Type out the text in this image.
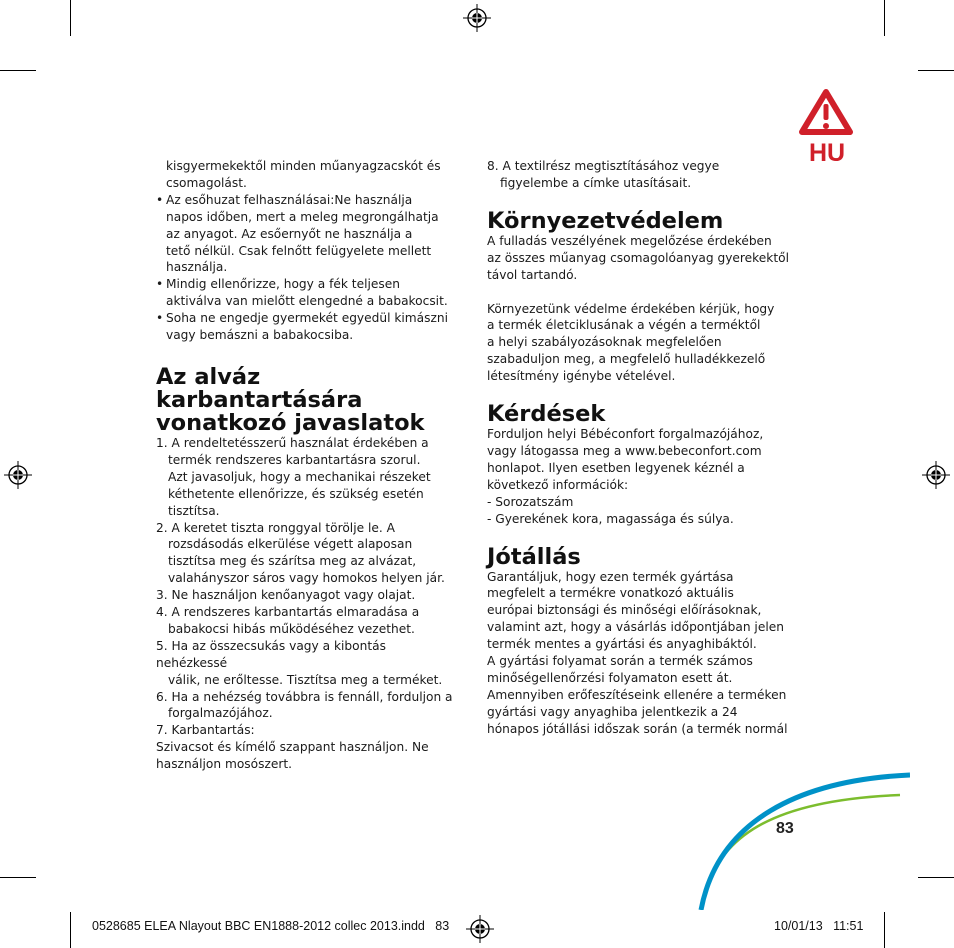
HU

kisgyermekektől minden műanyagzacskót és

csomagolást.

• Az esőhuzat felhasználásai:Ne használja

napos időben, mert a meleg megrongálhatja

az anyagot. Az esőernyőt ne használja a

tető nélkül. Csak felnőtt felügyelete mellett

használja.

• Mindig ellenőrizze, hogy a fék teljesen

aktiválva van mielőtt elengedné a babakocsit.

• Soha ne engedje gyermekét egyedül kimászni

vagy bemászni a babakocsiba.

Az alváz karbantartására
vonatkozó javaslatok

1. A rendeltetésszerű használat érdekében a

termék rendszeres karbantartásra szorul.

Azt javasoljuk, hogy a mechanikai részeket

kéthetente ellenőrizze, és szükség esetén

tisztítsa.

2. A keretet tiszta ronggyal törölje le. A

rozsdásodás elkerülése végett alaposan

tisztítsa meg és szárítsa meg az alvázat,

valahányszor sáros vagy homokos helyen jár.

3. Ne használjon kenőanyagot vagy olajat.

4. A rendszeres karbantartás elmaradása a

babakocsi hibás működéséhez vezethet.

5. Ha az összecsukás vagy a kibontás nehézkessé

válik, ne erőltesse. Tisztítsa meg a terméket.

6. Ha a nehézség továbbra is fennáll, forduljon a

forgalmazójához.

7. Karbantartás:

Szivacsot és kímélő szappant használjon. Ne

használjon mosószert.

8. A textilrész megtisztításához vegye

figyelembe a címke utasításait.

Környezetvédelem

A fulladás veszélyének megelőzése érdekében

az összes műanyag csomagolóanyag gyerekektől

távol tartandó.

Környezetünk védelme érdekében kérjük, hogy

a termék életciklusának a végén a terméktől

a helyi szabályozásoknak megfelelően

szabaduljon meg, a megfelelő hulladékkezelő

létesítmény igénybe vételével.

Kérdések

Forduljon helyi Bébéconfort forgalmazójához,

vagy látogassa meg a www.bebeconfort.com

honlapot. Ilyen esetben legyenek kéznél a

következő információk:

- Sorozatszám

- Gyerekének kora, magassága és súlya.

Jótállás

Garantáljuk, hogy ezen termék gyártása

megfelelt a termékre vonatkozó aktuális

európai biztonsági és minőségi előírásoknak,

valamint azt, hogy a vásárlás időpontjában jelen

termék mentes a gyártási és anyaghibáktól.

A gyártási folyamat során a termék számos

minőségellenőrzési folyamaton esett át.

Amennyiben erőfeszítéseink ellenére a terméken

gyártási vagy anyaghiba jelentkezik a 24

hónapos jótállási időszak során (a termék normál

83
0528685 ELEA Nlayout BBC EN1888-2012 collec 2013.indd   83	10/01/13   11:51
